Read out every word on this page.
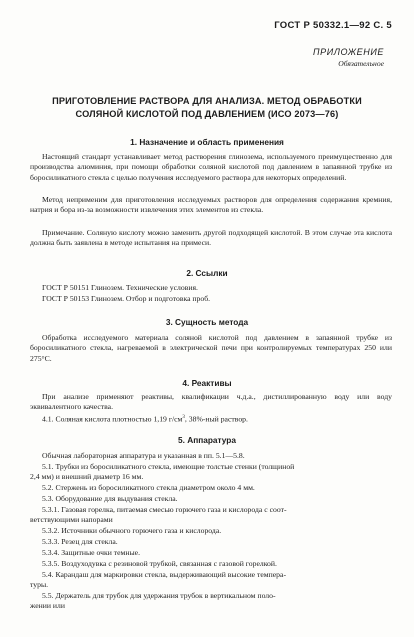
ГОСТ Р 50332.1—92 С. 5
ПРИЛОЖЕНИЕ
Обязательное
ПРИГОТОВЛЕНИЕ РАСТВОРА ДЛЯ АНАЛИЗА. МЕТОД ОБРАБОТКИ
СОЛЯНОЙ КИСЛОТОЙ ПОД ДАВЛЕНИЕМ (ИСО 2073—76)
1. Назначение и область применения
Настоящий стандарт устанавливает метод растворения глинозема, используемого преимущественно для производства алюминия, при помощи обработки соляной кислотой под давлением в запаянной трубке из боросиликатного стекла с целью получения исследуемого раствора для некоторых определений.
Метод неприменим для приготовления исследуемых растворов для определения содержания кремния, натрия и бора из-за возможности извлечения этих элементов из стекла.
Примечание. Соляную кислоту можно заменить другой подходящей кислотой. В этом случае эта кислота должна быть заявлена в методе испытания на примеси.
2. Ссылки
ГОСТ Р 50151 Глинозем. Технические условия.
ГОСТ Р 50153 Глинозем. Отбор и подготовка проб.
3. Сущность метода
Обработка исследуемого материала соляной кислотой под давлением в запаянной трубке из боросиликатного стекла, нагреваемой в электрической печи при контролируемых температурах 250 или 275°С.
4. Реактивы
При анализе применяют реактивы, квалификации ч.д.а., дистиллированную воду или воду эквивалентного качества.
4.1. Соляная кислота плотностью 1,19 $г/см^3$, 38%-ный раствор.
5. Аппаратура
Обычная лабораторная аппаратура и указанная в пп. 5.1—5.8.
5.1. Трубки из боросиликатного стекла, имеющие толстые стенки (толщиной
2,4 мм) и внешний диаметр 16 мм.
5.2. Стержень из боросиликатного стекла диаметром около 4 мм.
5.3. Оборудование для выдувания стекла.
5.3.1. Газовая горелка, питаемая смесью горючего газа и кислорода с соот-
ветствующими напорами
5.3.2. Источники обычного горючего газа и кислорода.
5.3.3. Резец для стекла.
5.3.4. Защитные очки темные.
5.3.5. Воздуходувка с резиновой трубкой, связанная с газовой горелкой.
5.4. Карандаш для маркировки стекла, выдерживающий высокие темпера-
туры.
5.5. Держатель для трубок для удержания трубок в вертикальном поло-
жении или
